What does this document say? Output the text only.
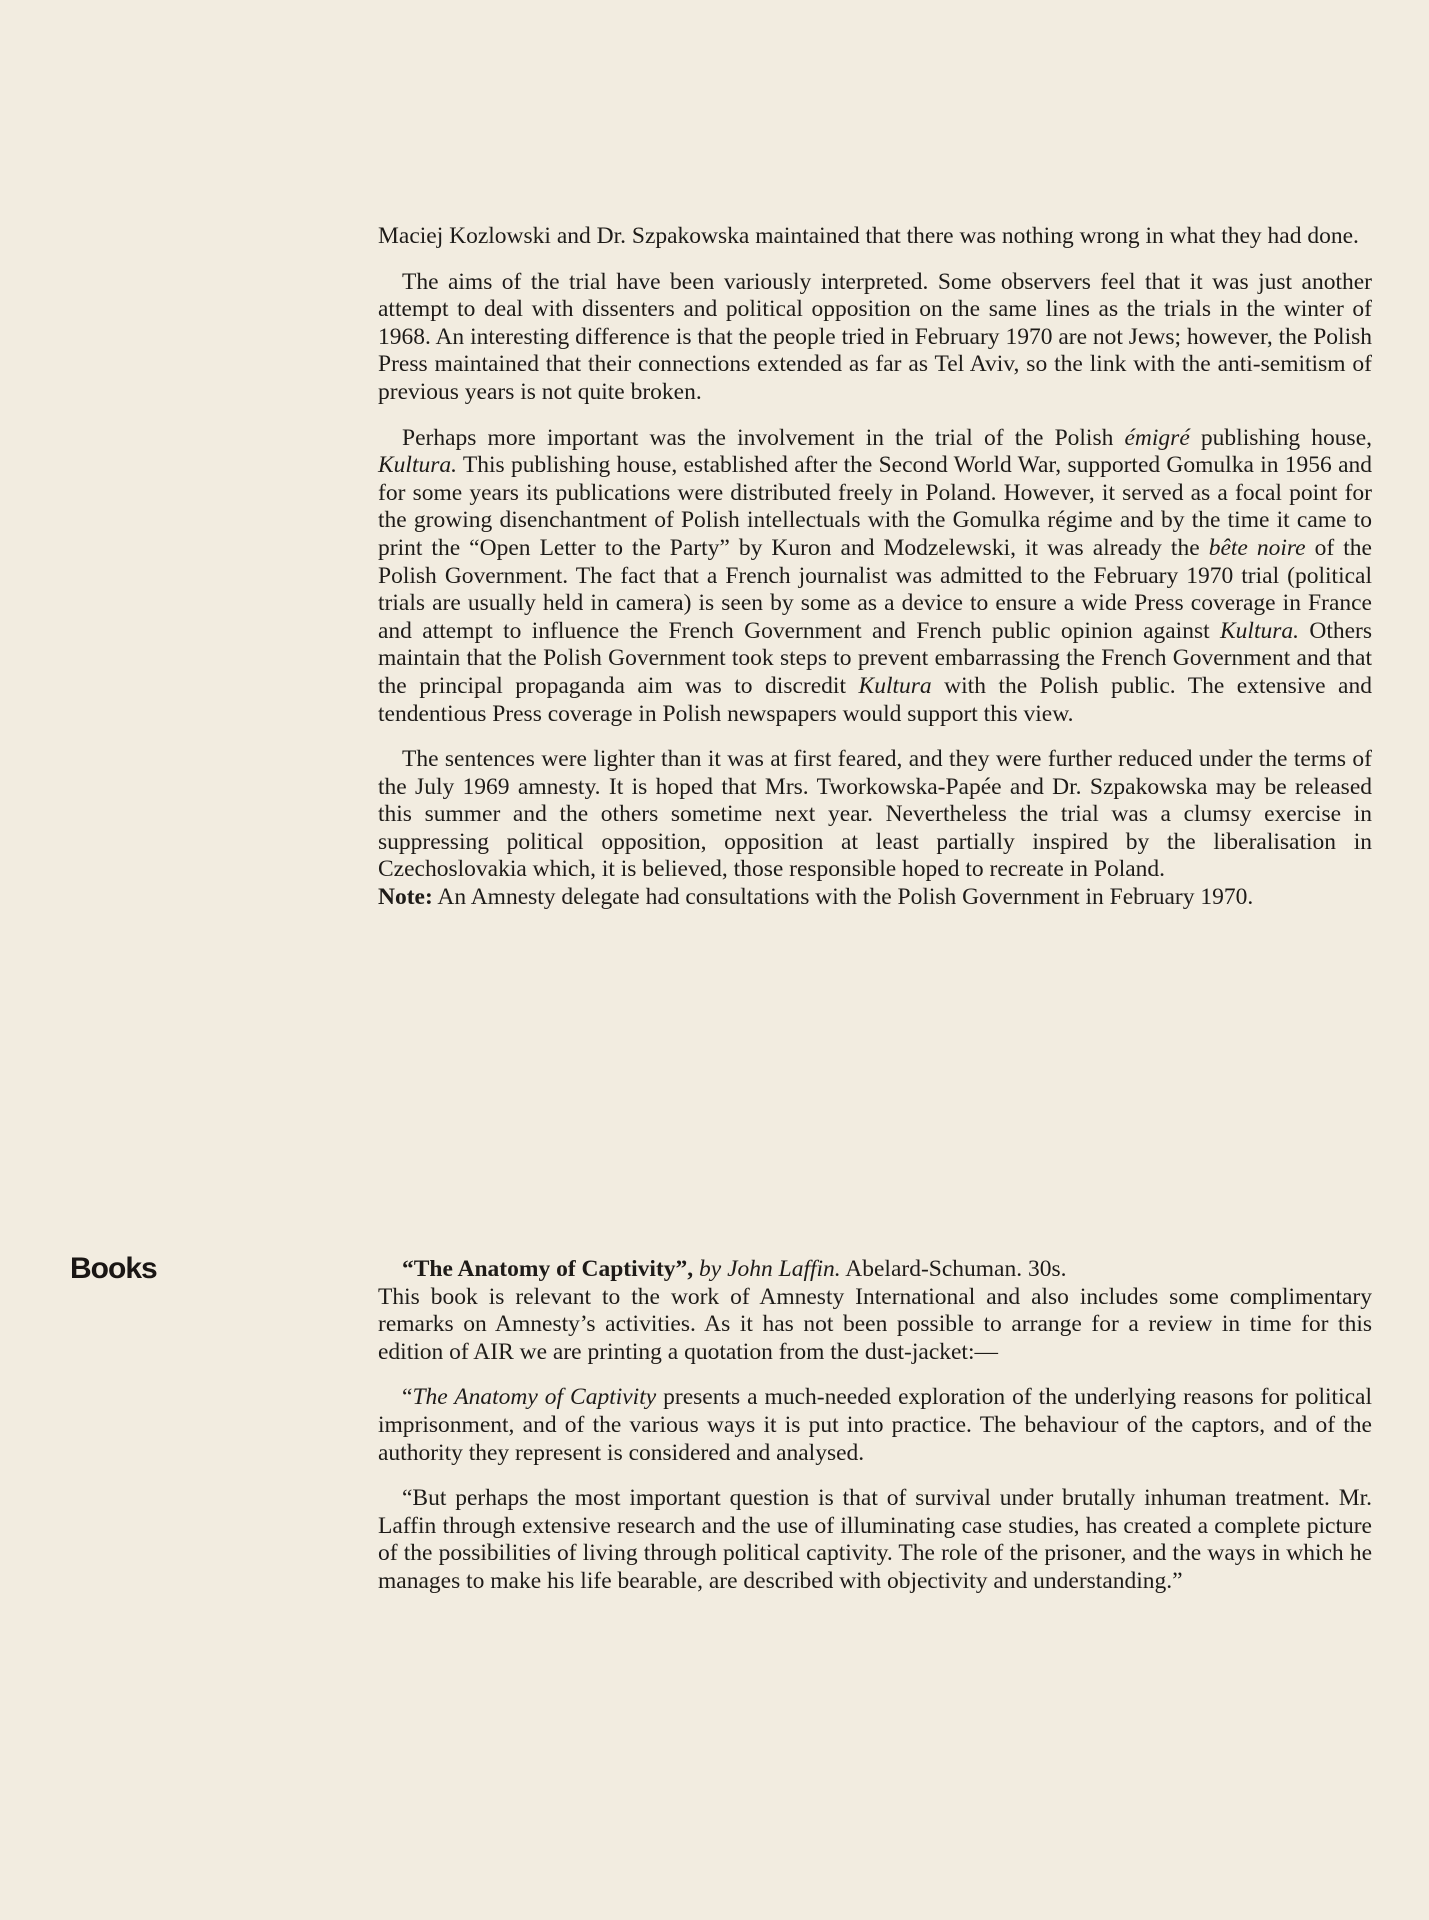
Maciej Kozlowski and Dr. Szpakowska maintained that there was nothing wrong in what they had done.

The aims of the trial have been variously interpreted. Some observers feel that it was just another attempt to deal with dissenters and political opposition on the same lines as the trials in the winter of 1968. An interesting difference is that the people tried in February 1970 are not Jews; however, the Polish Press maintained that their connections extended as far as Tel Aviv, so the link with the anti-semitism of previous years is not quite broken.

Perhaps more important was the involvement in the trial of the Polish émigré publishing house, Kultura. This publishing house, established after the Second World War, supported Gomulka in 1956 and for some years its publications were distributed freely in Poland. However, it served as a focal point for the growing disenchantment of Polish intellectuals with the Gomulka régime and by the time it came to print the “Open Letter to the Party” by Kuron and Modzelewski, it was already the bête noire of the Polish Government. The fact that a French journalist was admitted to the February 1970 trial (political trials are usually held in camera) is seen by some as a device to ensure a wide Press coverage in France and attempt to influence the French Government and French public opinion against Kultura. Others maintain that the Polish Government took steps to prevent embarrassing the French Government and that the principal propaganda aim was to discredit Kultura with the Polish public. The extensive and tendentious Press coverage in Polish newspapers would support this view.

The sentences were lighter than it was at first feared, and they were further reduced under the terms of the July 1969 amnesty. It is hoped that Mrs. Tworkowska-Papée and Dr. Szpakowska may be released this summer and the others sometime next year. Nevertheless the trial was a clumsy exercise in suppressing political opposition, opposition at least partially inspired by the liberalisation in Czechoslovakia which, it is believed, those responsible hoped to recreate in Poland.

Note: An Amnesty delegate had consultations with the Polish Government in February 1970.

Books	“The Anatomy of Captivity”, by John Laffin. Abelard-Schuman. 30s.
This book is relevant to the work of Amnesty International and also includes some complimentary remarks on Amnesty’s activities. As it has not been possible to arrange for a review in time for this edition of AIR we are printing a quotation from the dust-jacket:—

“The Anatomy of Captivity presents a much-needed exploration of the underlying reasons for political imprisonment, and of the various ways it is put into practice. The behaviour of the captors, and of the authority they represent is considered and analysed.

“But perhaps the most important question is that of survival under brutally inhuman treatment. Mr. Laffin through extensive research and the use of illuminating case studies, has created a complete picture of the possibilities of living through political captivity. The role of the prisoner, and the ways in which he manages to make his life bearable, are described with objectivity and understanding.”
